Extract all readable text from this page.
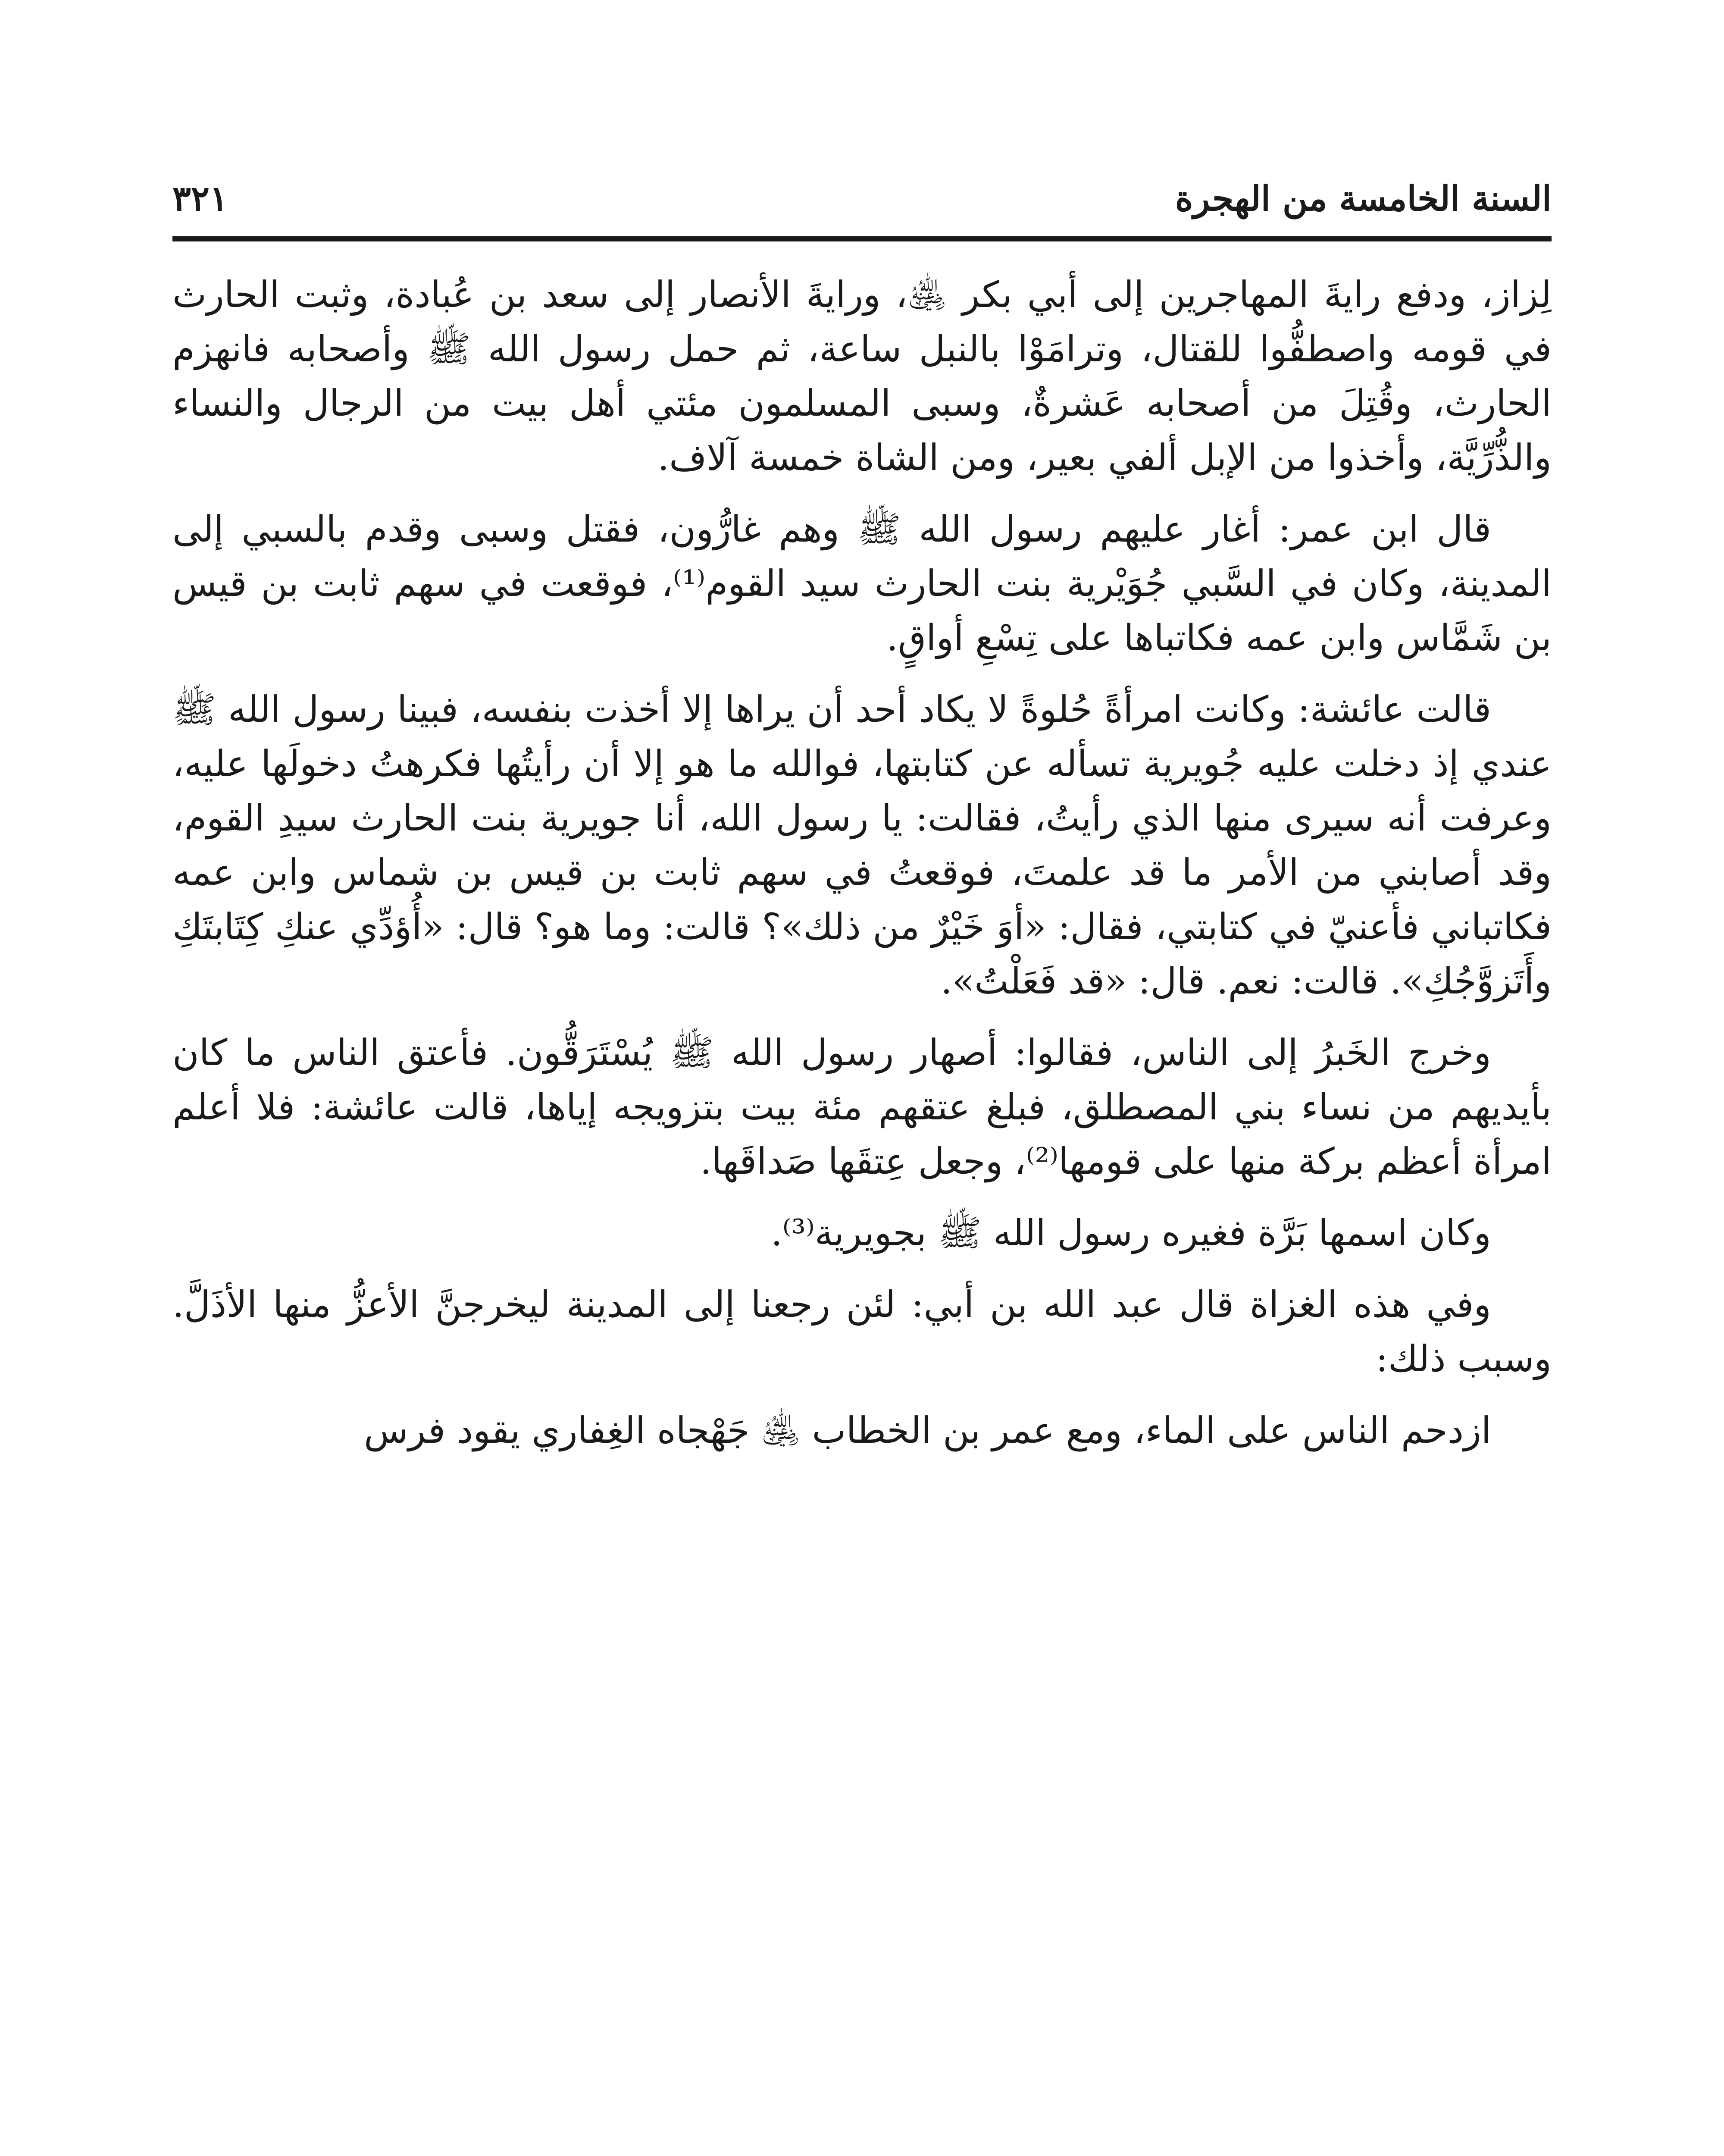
السنة الخامسة من الهجرة
٣٢١

لِزاز، ودفع رايةَ المهاجرين إلى أبي بكر ﵁، ورايةَ الأنصار إلى سعد بن عُبادة، وثبت الحارث في قومه واصطفُّوا للقتال، وترامَوْا بالنبل ساعة، ثم حمل رسول الله ﷺ وأصحابه فانهزم الحارث، وقُتِلَ من أصحابه عَشرةٌ، وسبى المسلمون مئتي أهل بيت من الرجال والنساء والذُّرِّيَّة، وأخذوا من الإبل ألفي بعير، ومن الشاة خمسة آلاف.

قال ابن عمر: أغار عليهم رسول الله ﷺ وهم غارُّون، فقتل وسبى وقدم بالسبي إلى المدينة، وكان في السَّبي جُوَيْرية بنت الحارث سيد القوم⁽¹⁾، فوقعت في سهم ثابت بن قيس بن شَمَّاس وابن عمه فكاتباها على تِسْعِ أواقٍ.

قالت عائشة: وكانت امرأةً حُلوةً لا يكاد أحد أن يراها إلا أخذت بنفسه، فبينا رسول الله ﷺ عندي إذ دخلت عليه جُويرية تسأله عن كتابتها، فوالله ما هو إلا أن رأيتُها فكرهتُ دخولَها عليه، وعرفت أنه سيرى منها الذي رأيتُ، فقالت: يا رسول الله، أنا جويرية بنت الحارث سيدِ القوم، وقد أصابني من الأمر ما قد علمتَ، فوقعتُ في سهم ثابت بن قيس بن شماس وابن عمه فكاتباني فأعنيّ في كتابتي، فقال: «أوَ خَيْرٌ من ذلك»؟ قالت: وما هو؟ قال: «أُؤدِّي عنكِ كِتَابتَكِ وأَتَزوَّجُكِ». قالت: نعم. قال: «قد فَعَلْتُ».

وخرج الخَبرُ إلى الناس، فقالوا: أصهار رسول الله ﷺ يُسْتَرَقُّون. فأعتق الناس ما كان بأيديهم من نساء بني المصطلق، فبلغ عتقهم مئة بيت بتزويجه إياها، قالت عائشة: فلا أعلم امرأة أعظم بركة منها على قومها⁽²⁾، وجعل عِتقَها صَداقَها.

وكان اسمها بَرَّة فغيره رسول الله ﷺ بجويرية⁽³⁾.

وفي هذه الغزاة قال عبد الله بن أبي: لئن رجعنا إلى المدينة ليخرجنَّ الأعزُّ منها الأذَلَّ. وسبب ذلك:

ازدحم الناس على الماء، ومع عمر بن الخطاب ﵁ جَهْجاه الغِفاري يقود فرس
